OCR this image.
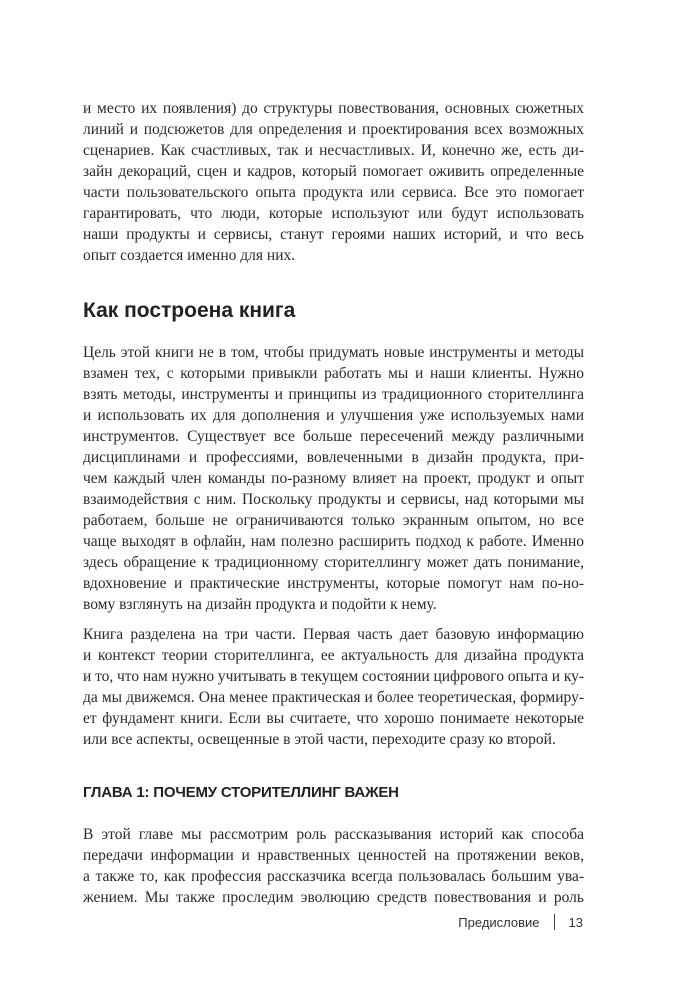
и место их появления) до структуры повествования, основных сюжетных
линий и подсюжетов для определения и проектирования всех возможных
сценариев. Как счастливых, так и несчастливых. И, конечно же, есть ди-
зайн декораций, сцен и кадров, который помогает оживить определенные
части пользовательского опыта продукта или сервиса. Все это помогает
гарантировать, что люди, которые используют или будут использовать
наши продукты и сервисы, станут героями наших историй, и что весь
опыт создается именно для них.
Как построена книга
Цель этой книги не в том, чтобы придумать новые инструменты и методы
взамен тех, с которыми привыкли работать мы и наши клиенты. Нужно
взять методы, инструменты и принципы из традиционного сторителлинга
и использовать их для дополнения и улучшения уже используемых нами
инструментов. Существует все больше пересечений между различными
дисциплинами и профессиями, вовлеченными в дизайн продукта, при-
чем каждый член команды по-разному влияет на проект, продукт и опыт
взаимодействия с ним. Поскольку продукты и сервисы, над которыми мы
работаем, больше не ограничиваются только экранным опытом, но все
чаще выходят в офлайн, нам полезно расширить подход к работе. Именно
здесь обращение к традиционному сторителлингу может дать понимание,
вдохновение и практические инструменты, которые помогут нам по-но-
вому взглянуть на дизайн продукта и подойти к нему.
Книга разделена на три части. Первая часть дает базовую информацию
и контекст теории сторителлинга, ее актуальность для дизайна продукта
и то, что нам нужно учитывать в текущем состоянии цифрового опыта и ку-
да мы движемся. Она менее практическая и более теоретическая, формиру-
ет фундамент книги. Если вы считаете, что хорошо понимаете некоторые
или все аспекты, освещенные в этой части, переходите сразу ко второй.
ГЛАВА 1: ПОЧЕМУ СТОРИТЕЛЛИНГ ВАЖЕН
В этой главе мы рассмотрим роль рассказывания историй как способа
передачи информации и нравственных ценностей на протяжении веков,
а также то, как профессия рассказчика всегда пользовалась большим ува-
жением. Мы также проследим эволюцию средств повествования и роль
Предисловие 13
